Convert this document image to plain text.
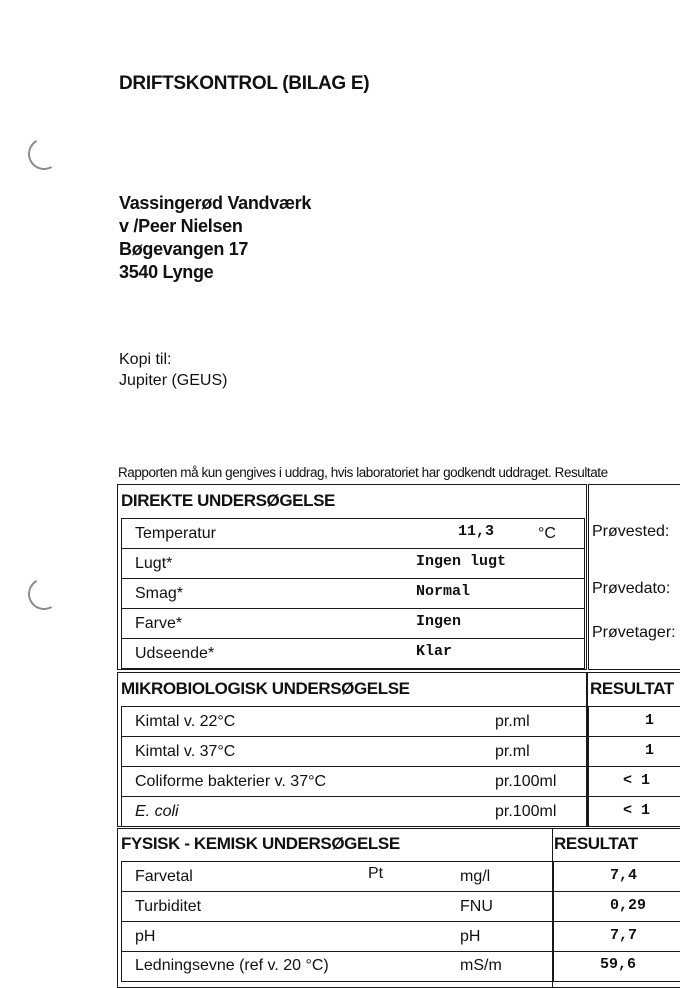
DRIFTSKONTROL (BILAG E)
Vassingerød Vandværk
v /Peer Nielsen
Bøgevangen 17
3540 Lynge
Kopi til:
Jupiter (GEUS)
Rapporten må kun gengives i uddrag, hvis laboratoriet har godkendt uddraget. Resultate
DIREKTE UNDERSØGELSE
Temperatur	11,3	°C
Lugt*	Ingen lugt
Smag*	Normal
Farve*	Ingen
Udseende*	Klar
Prøvested:
Prøvedato:
Prøvetager:
MIKROBIOLOGISK UNDERSØGELSE	RESULTAT
Kimtal v. 22°C	pr.ml	1
Kimtal v. 37°C	pr.ml	1
Coliforme bakterier v. 37°C	pr.100ml	< 1
E. coli	pr.100ml	< 1
FYSISK - KEMISK UNDERSØGELSE	RESULTAT
Farvetal	Pt	mg/l	7,4
Turbiditet	FNU	0,29
pH	pH	7,7
Ledningsevne (ref v. 20 °C)	mS/m	59,6
